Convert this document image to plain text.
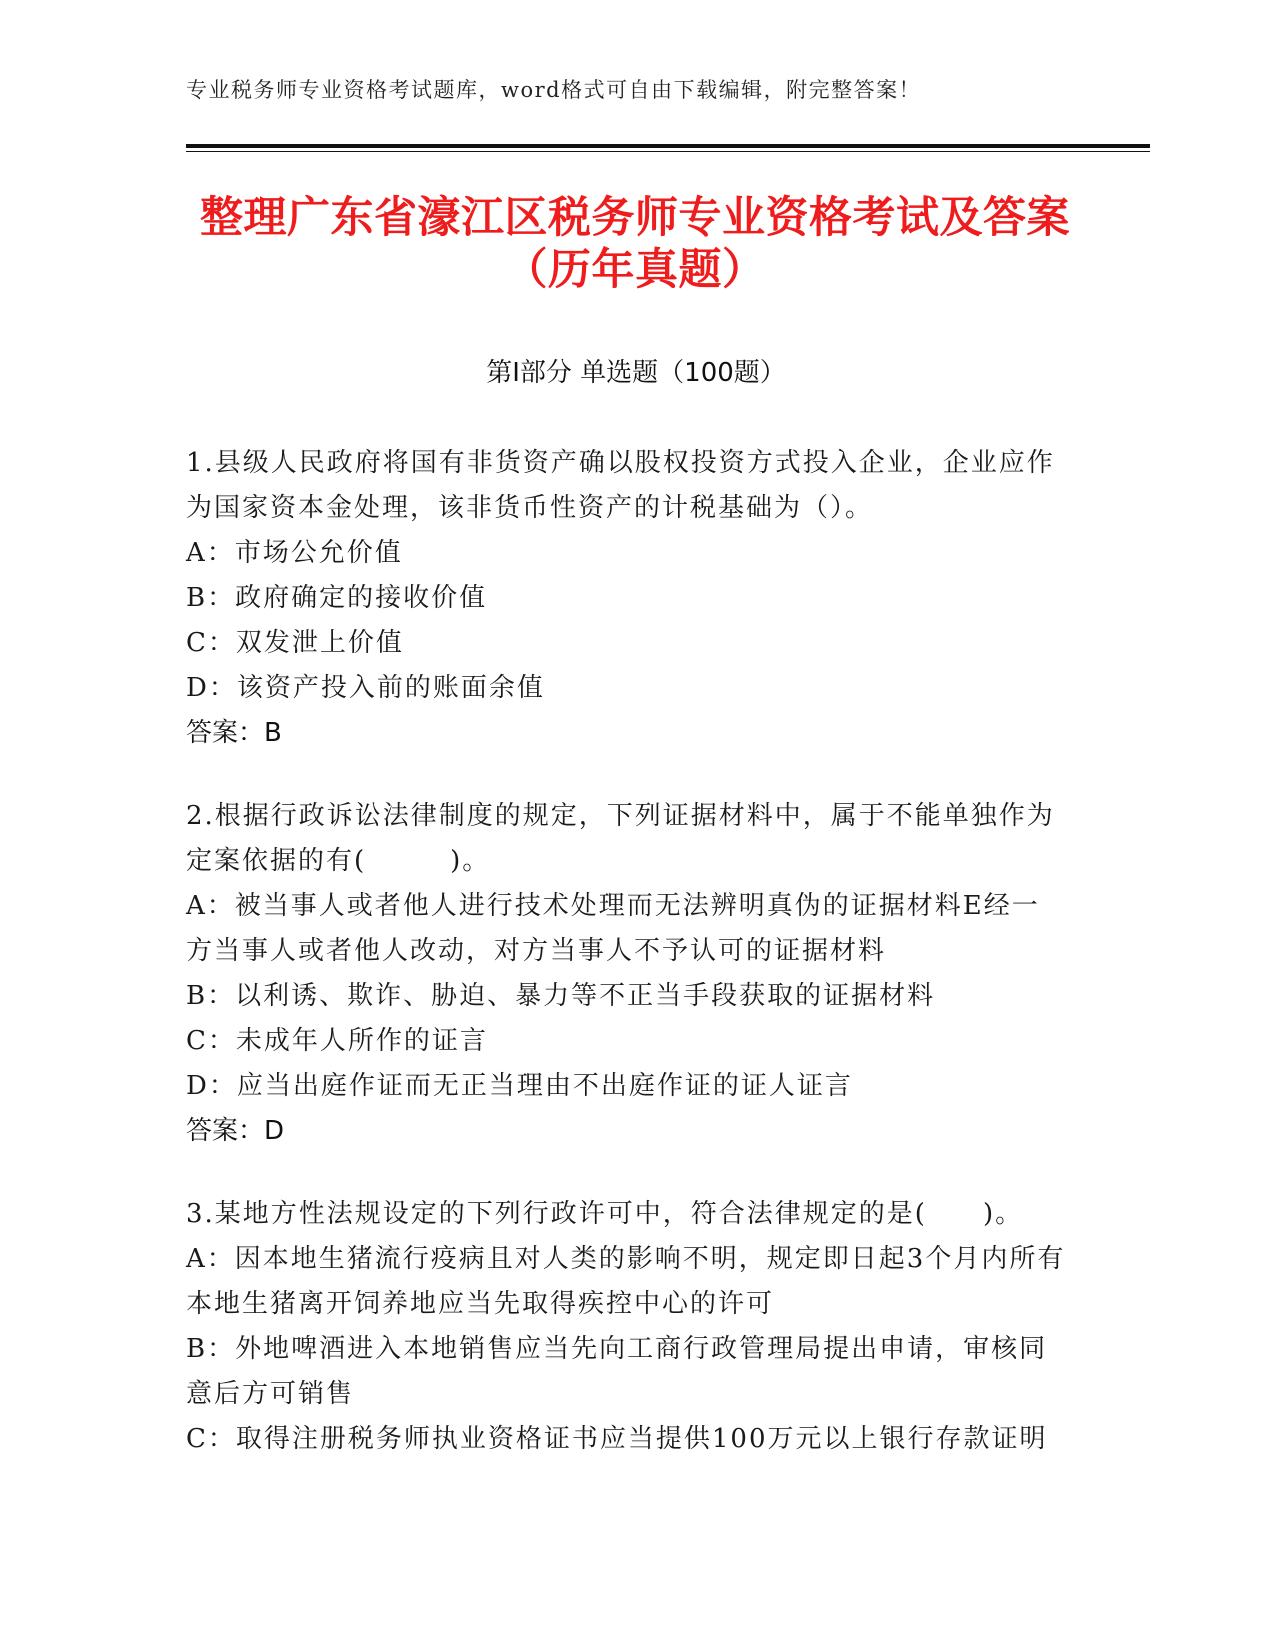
专业税务师专业资格考试题库，word格式可自由下载编辑，附完整答案！
整理广东省濠江区税务师专业资格考试及答案（历年真题）
第Ⅰ部分 单选题（100题）

1.县级人民政府将国有非货资产确以股权投资方式投入企业，企业应作为国家资本金处理，该非货币性资产的计税基础为（）。

A：市场公允价值

B：政府确定的接收价值

C：双发泄上价值

D：该资产投入前的账面余值

答案：B

2.根据行政诉讼法律制度的规定，下列证据材料中，属于不能单独作为定案依据的有(　　　)。

A：被当事人或者他人进行技术处理而无法辨明真伪的证据材料E经一方当事人或者他人改动，对方当事人不予认可的证据材料

B：以利诱、欺诈、胁迫、暴力等不正当手段获取的证据材料

C：未成年人所作的证言

D：应当出庭作证而无正当理由不出庭作证的证人证言

答案：D

3.某地方性法规设定的下列行政许可中，符合法律规定的是(　　)。

A：因本地生猪流行疫病且对人类的影响不明，规定即日起3个月内所有本地生猪离开饲养地应当先取得疾控中心的许可

B：外地啤酒进入本地销售应当先向工商行政管理局提出申请，审核同意后方可销售

C：取得注册税务师执业资格证书应当提供100万元以上银行存款证明
